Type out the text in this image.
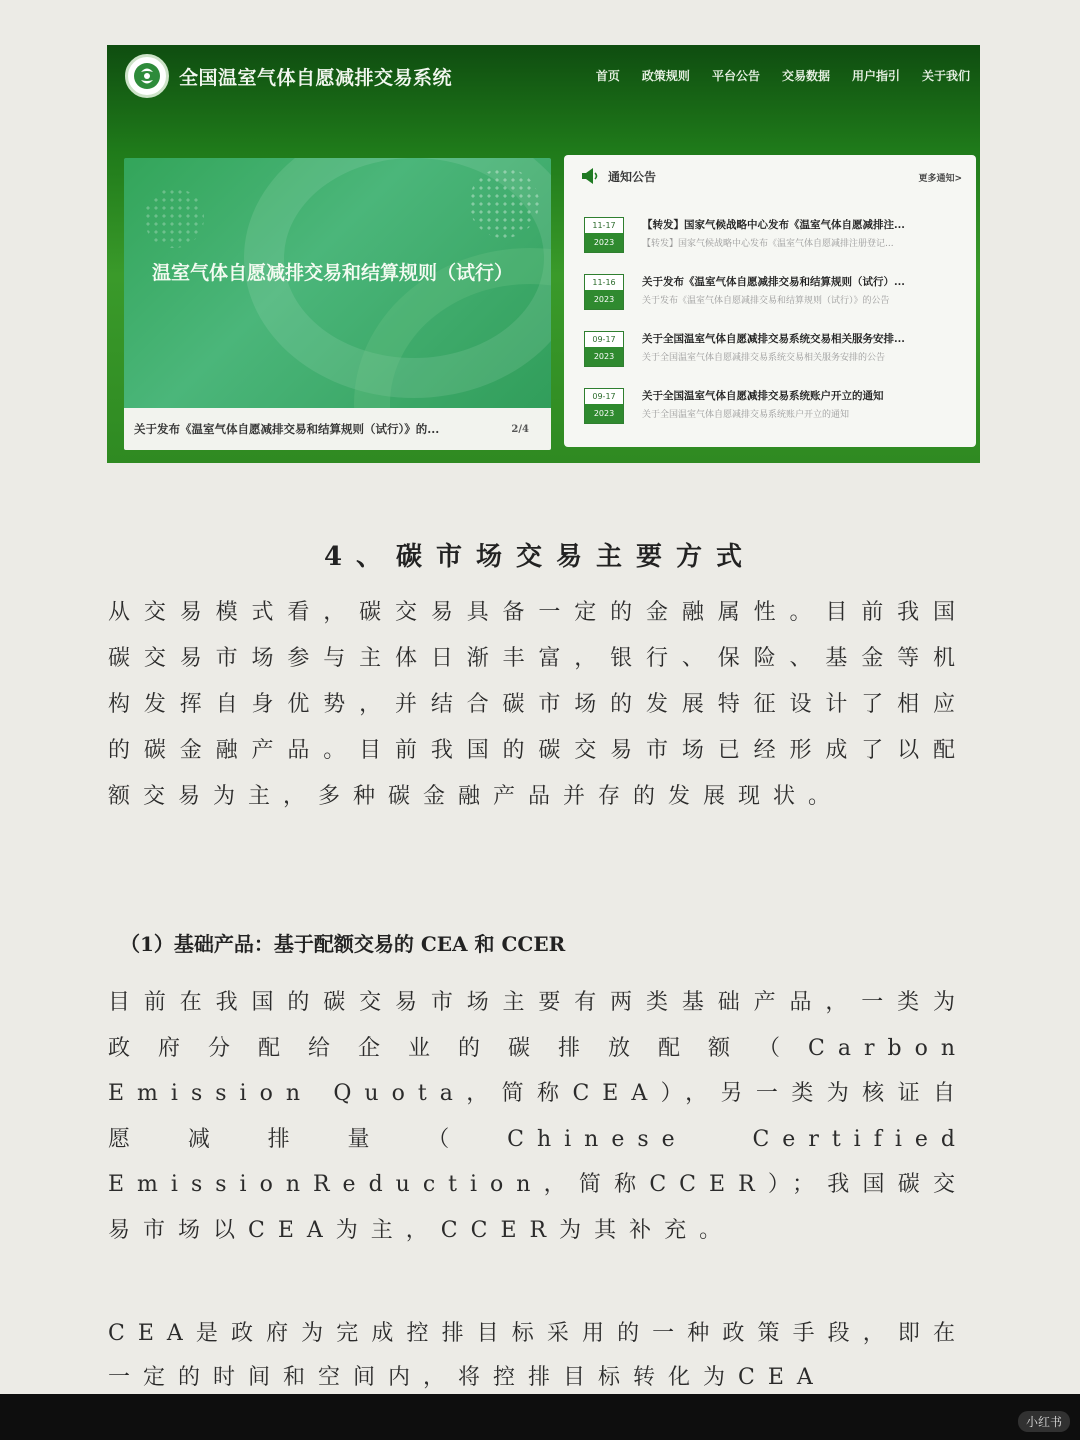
全国温室气体自愿减排交易系统	首页 政策规则 平台公告 交易数据 用户指引 关于我们
温室气体自愿减排交易和结算规则（试行）
关于发布《温室气体自愿减排交易和结算规则（试行）》的...	2/4
通知公告	更多通知>
11-17
2023
【转发】国家气候战略中心发布《温室气体自愿减排注...
【转发】国家气候战略中心发布《温室气体自愿减排注册登记...
11-16
2023
关于发布《温室气体自愿减排交易和结算规则（试行）...
关于发布《温室气体自愿减排交易和结算规则（试行）》的公告
09-17
2023
关于全国温室气体自愿减排交易系统交易相关服务安排...
关于全国温室气体自愿减排交易系统交易相关服务安排的公告
09-17
2023
关于全国温室气体自愿减排交易系统账户开立的通知
关于全国温室气体自愿减排交易系统账户开立的通知
4、碳市场交易主要方式
从交易模式看，碳交易具备一定的金融属性。目前我国碳交易市场参与主体日渐丰富，银行、保险、基金等机构发挥自身优势，并结合碳市场的发展特征设计了相应的碳金融产品。目前我国的碳交易市场已经形成了以配额交易为主，多种碳金融产品并存的发展现状。
（1）基础产品：基于配额交易的 CEA 和 CCER
目前在我国的碳交易市场主要有两类基础产品，一类为政府分配给企业的碳排放配额（Carbon Emission Quota，简称CEA），另一类为核证自愿减排量（Chinese Certified EmissionReduction，简称CCER）；我国碳交易市场以CEA为主，CCER为其补充。
CEA是政府为完成控排目标采用的一种政策手段，即在一定的时间和空间内，将控排目标转化为CEA
小红书
